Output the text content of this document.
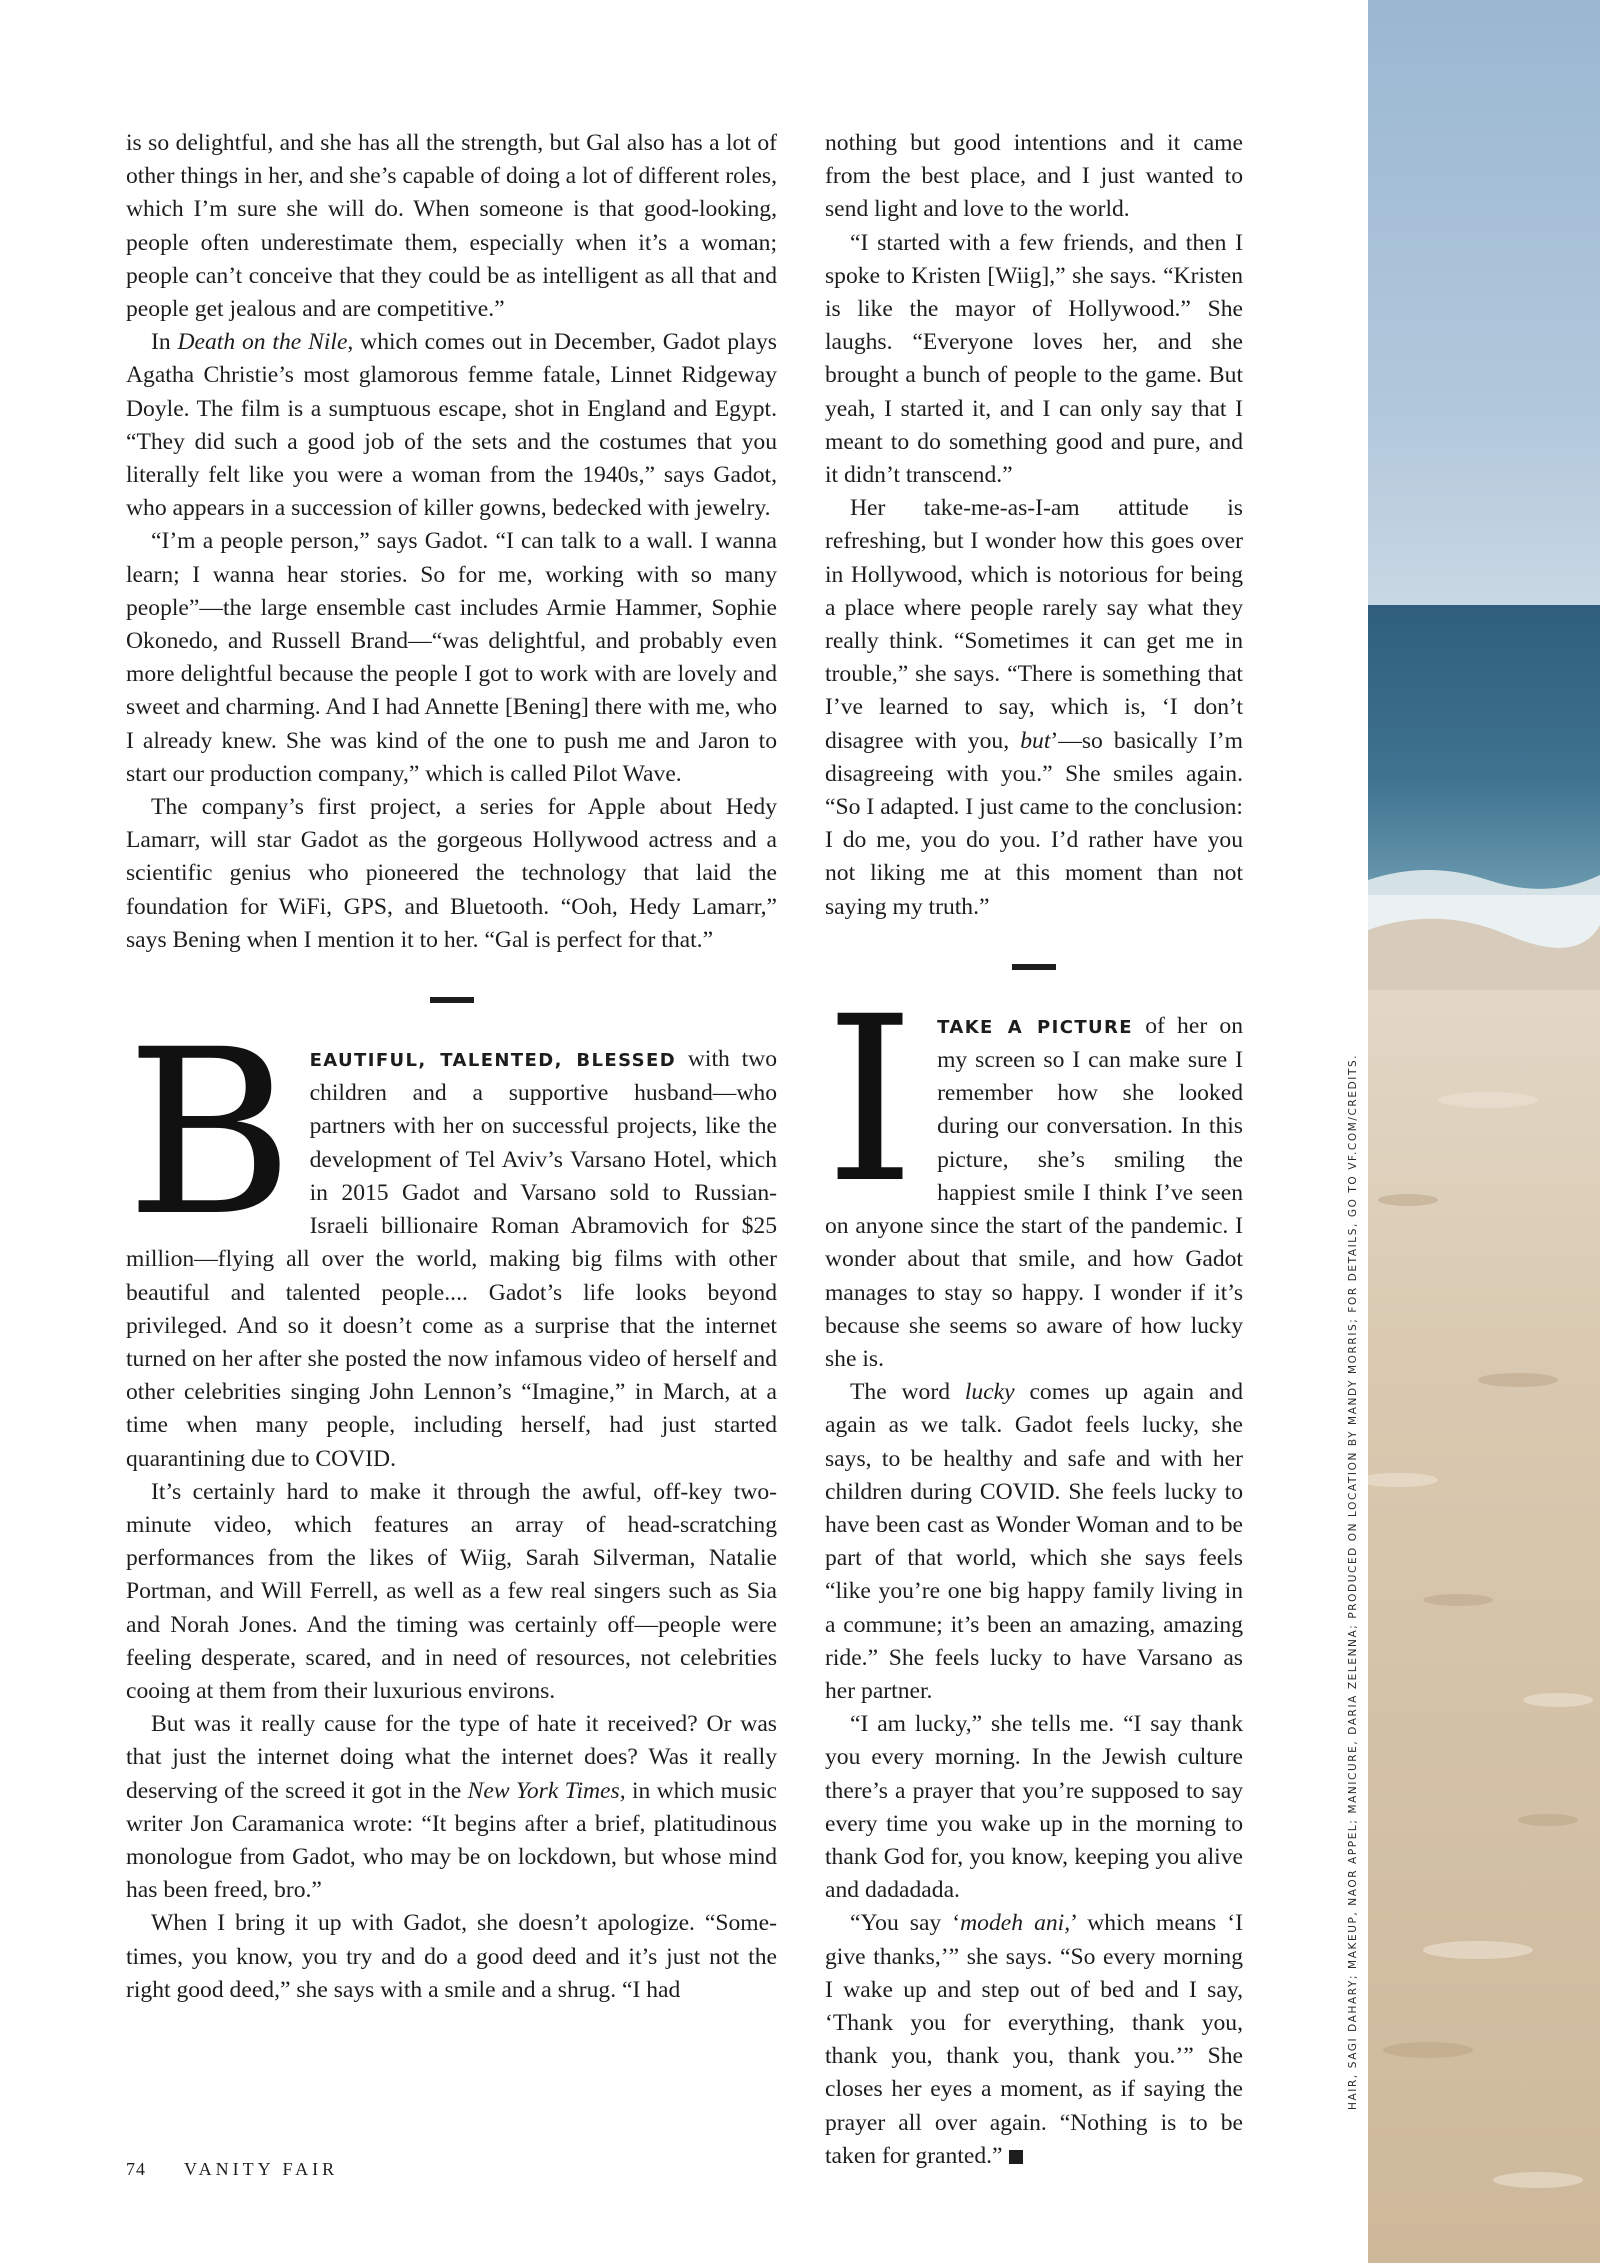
is so delightful, and she has all the strength, but Gal also has a lot of other things in her, and she’s capable of doing a lot of different roles, which I’m sure she will do. When someone is that good-looking, people often underestimate them, especially when it’s a woman; people can’t conceive that they could be as intelligent as all that and people get jealous and are competitive.”

In Death on the Nile, which comes out in December, Gadot plays Agatha Christie’s most glamorous femme fatale, Linnet Ridgeway Doyle. The film is a sumptuous escape, shot in England and Egypt. “They did such a good job of the sets and the costumes that you literally felt like you were a woman from the 1940s,” says Gadot, who appears in a succession of killer gowns, bedecked with jewelry.

“I’m a people person,” says Gadot. “I can talk to a wall. I wanna learn; I wanna hear stories. So for me, working with so many people”—the large ensemble cast includes Armie Hammer, Sophie Okonedo, and Russell Brand—“was delightful, and probably even more delightful because the people I got to work with are lovely and sweet and charming. And I had Annette [Bening] there with me, who I already knew. She was kind of the one to push me and Jaron to start our production company,” which is called Pilot Wave.

The company’s first project, a series for Apple about Hedy Lamarr, will star Gadot as the gorgeous Hollywood actress and a scientific genius who pioneered the technology that laid the foundation for WiFi, GPS, and Bluetooth. “Ooh, Hedy Lamarr,” says Bening when I mention it to her. “Gal is perfect for that.”

BEAUTIFUL, TALENTED, BLESSED with two children and a supportive husband—who partners with her on successful projects, like the development of Tel Aviv’s Varsano Hotel, which in 2015 Gadot and Varsano sold to Russian-Israeli billionaire Roman Abramovich for $25 million—flying all over the world, making big films with other beautiful and talented people.... Gadot’s life looks beyond privileged. And so it doesn’t come as a surprise that the internet turned on her after she posted the now infamous video of herself and other celebrities singing John Lennon’s “Imagine,” in March, at a time when many people, including herself, had just started quarantining due to COVID.

It’s certainly hard to make it through the awful, off-key two-minute video, which features an array of head-scratching performances from the likes of Wiig, Sarah Silverman, Natalie Portman, and Will Ferrell, as well as a few real singers such as Sia and Norah Jones. And the timing was certainly off—people were feeling desperate, scared, and in need of resources, not celebrities cooing at them from their luxurious environs.

But was it really cause for the type of hate it received? Or was that just the internet doing what the internet does? Was it really deserving of the screed it got in the New York Times, in which music writer Jon Caramanica wrote: “It begins after a brief, platitudinous monologue from Gadot, who may be on lockdown, but whose mind has been freed, bro.”

When I bring it up with Gadot, she doesn’t apologize. “Sometimes, you know, you try and do a good deed and it’s just not the right good deed,” she says with a smile and a shrug. “I had

nothing but good intentions and it came from the best place, and I just wanted to send light and love to the world.

“I started with a few friends, and then I spoke to Kristen [Wiig],” she says. “Kristen is like the mayor of Hollywood.” She laughs. “Everyone loves her, and she brought a bunch of people to the game. But yeah, I started it, and I can only say that I meant to do something good and pure, and it didn’t transcend.”

Her take-me-as-I-am attitude is refreshing, but I wonder how this goes over in Hollywood, which is notorious for being a place where people rarely say what they really think. “Sometimes it can get me in trouble,” she says. “There is something that I’ve learned to say, which is, ‘I don’t disagree with you, but’—so basically I’m disagreeing with you.” She smiles again. “So I adapted. I just came to the conclusion: I do me, you do you. I’d rather have you not liking me at this moment than not saying my truth.”

I TAKE A PICTURE of her on my screen so I can make sure I remember how she looked during our conversation. In this picture, she’s smiling the happiest smile I think I’ve seen on anyone since the start of the pandemic. I wonder about that smile, and how Gadot manages to stay so happy. I wonder if it’s because she seems so aware of how lucky she is.

The word lucky comes up again and again as we talk. Gadot feels lucky, she says, to be healthy and safe and with her children during COVID. She feels lucky to have been cast as Wonder Woman and to be part of that world, which she says feels “like you’re one big happy family living in a commune; it’s been an amazing, amazing ride.” She feels lucky to have Varsano as her partner.

“I am lucky,” she tells me. “I say thank you every morning. In the Jewish culture there’s a prayer that you’re supposed to say every time you wake up in the morning to thank God for, you know, keeping you alive and dadadada.

“You say ‘modeh ani,’ which means ‘I give thanks,’” she says. “So every morning I wake up and step out of bed and I say, ‘Thank you for everything, thank you, thank you, thank you, thank you.’” She closes her eyes a moment, as if saying the prayer all over again. “Nothing is to be taken for granted.”

74 VANITY FAIR
HAIR, SAGI DAHARY; MAKEUP, NAOR APPEL; MANICURE, DARIA ZELENNA; PRODUCED ON LOCATION BY MANDY MORRIS; FOR DETAILS, GO TO VF.COM/CREDITS.
